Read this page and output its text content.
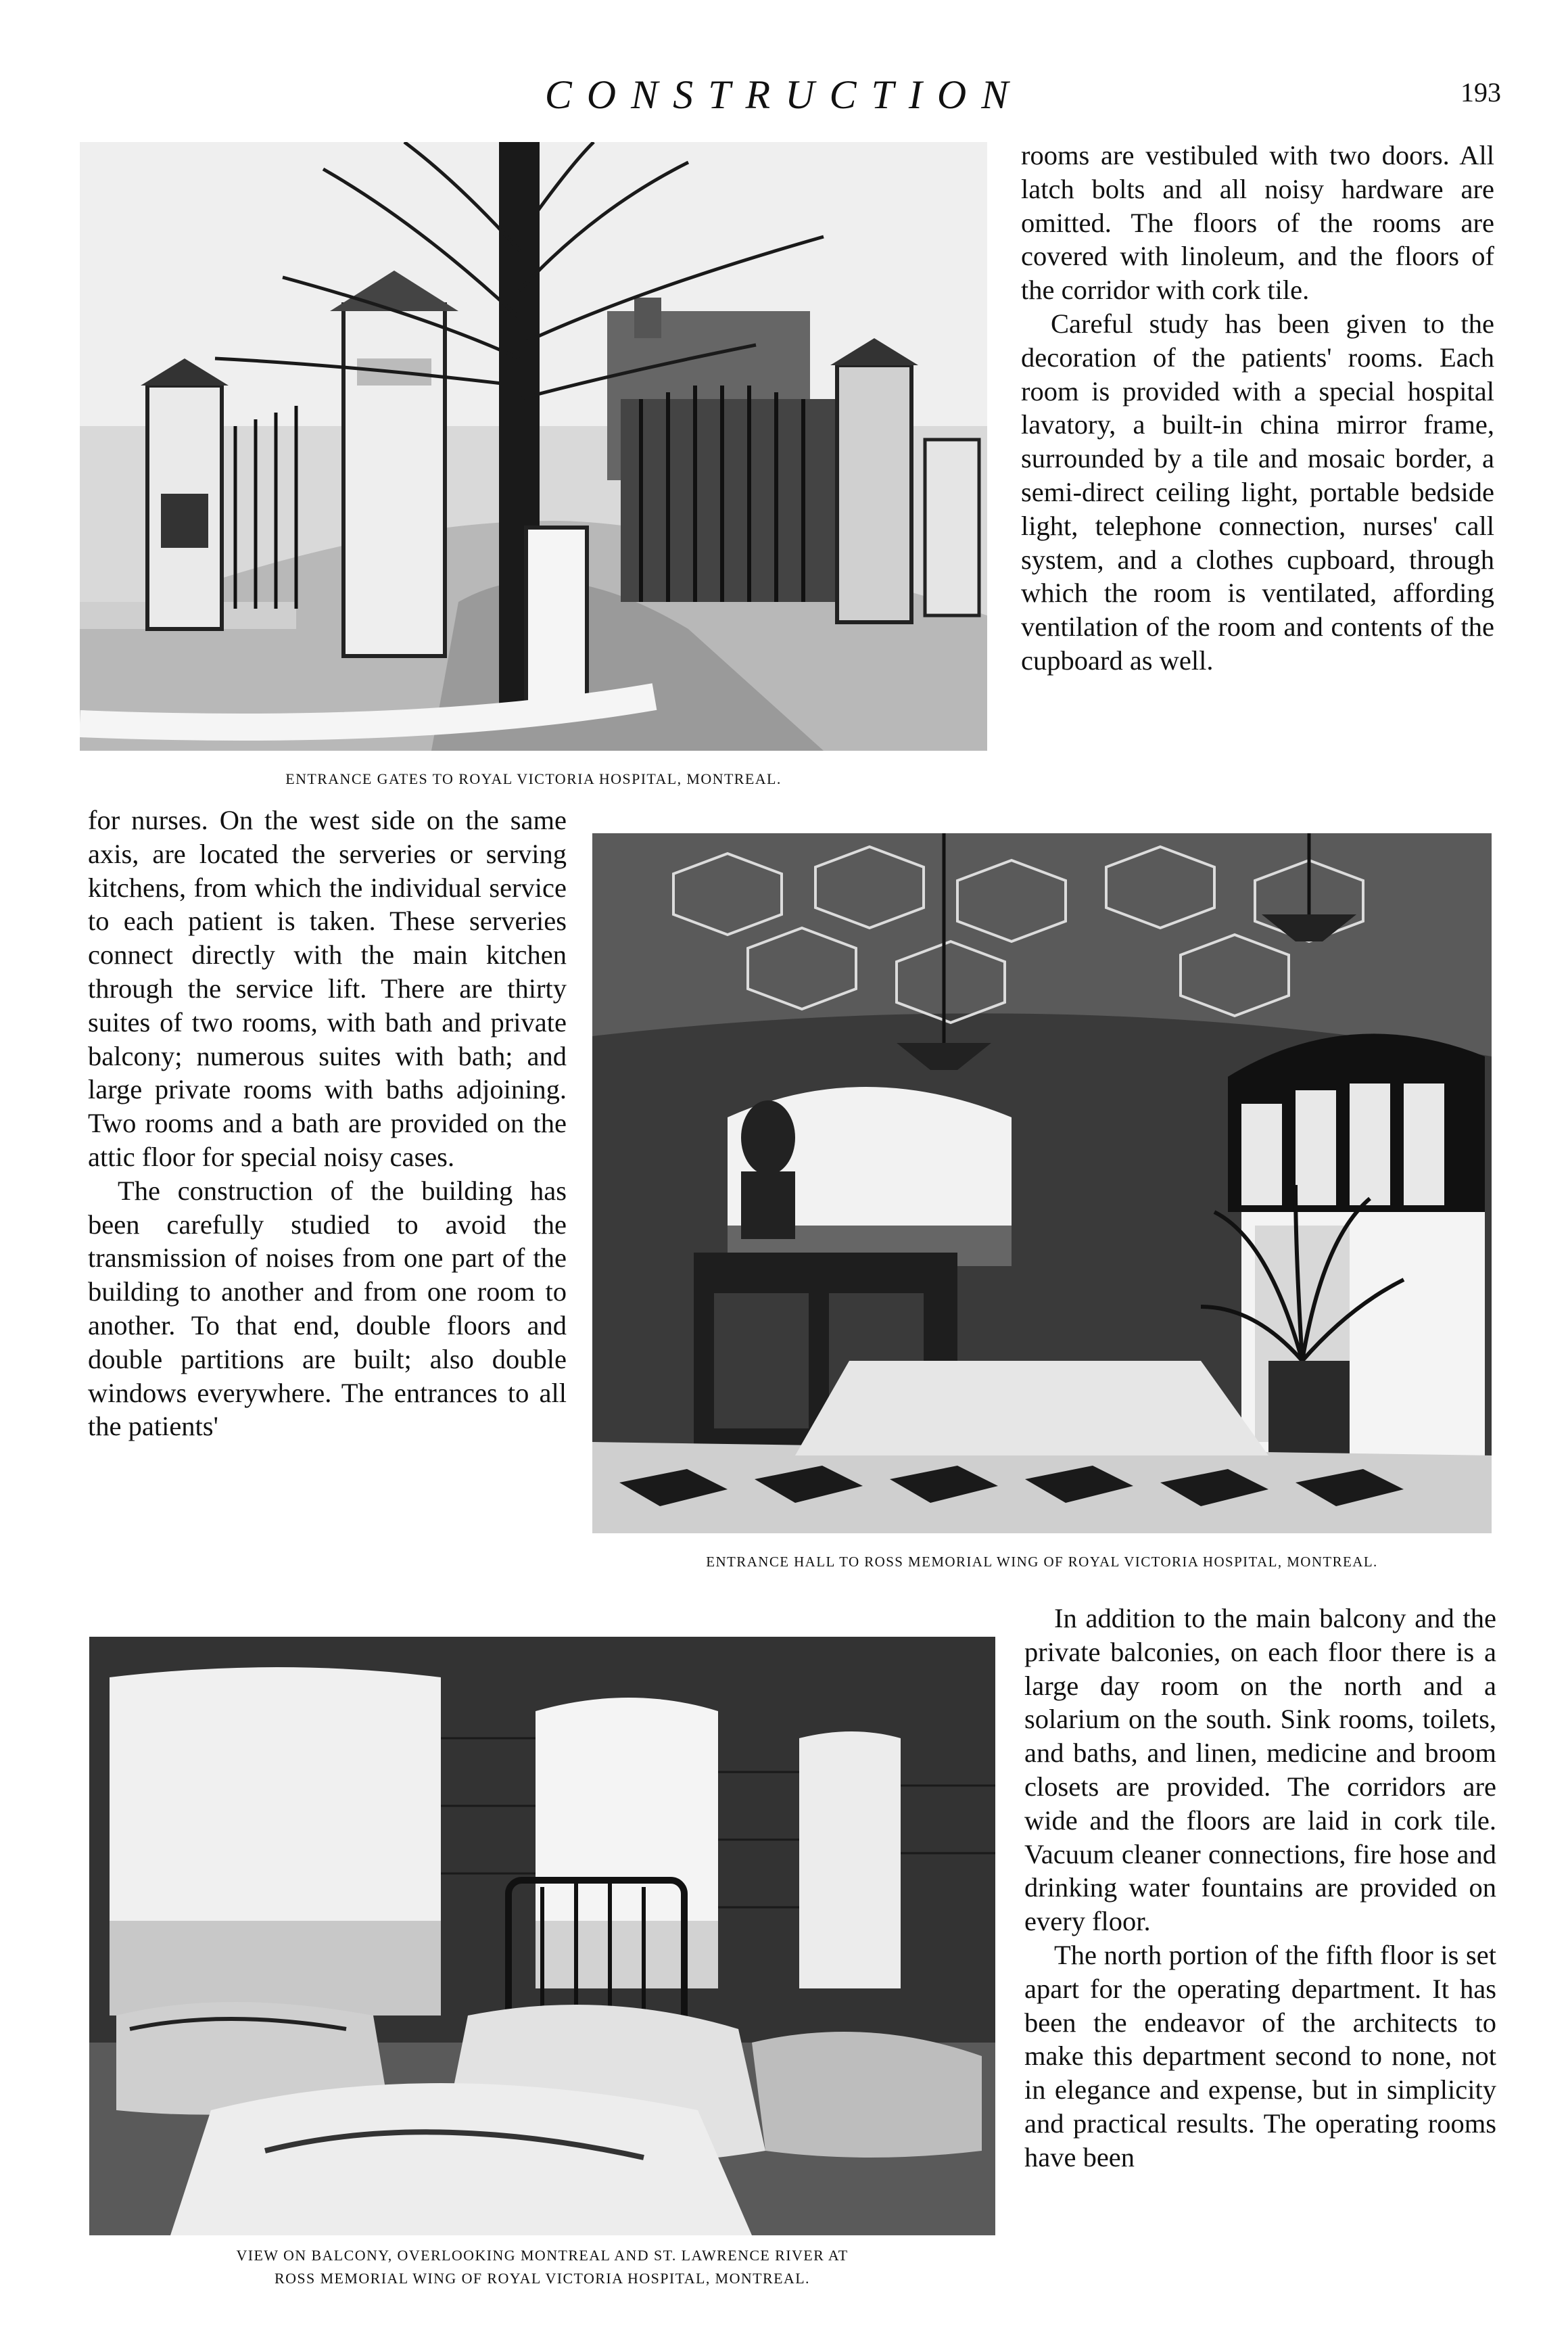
CONSTRUCTION	193
ENTRANCE GATES TO ROYAL VICTORIA HOSPITAL, MONTREAL.

rooms are vestibuled with two doors. All latch bolts and all noisy hardware are omitted. The floors of the rooms are covered with linoleum, and the floors of the corridor with cork tile.

Careful study has been given to the decoration of the patients' rooms. Each room is provided with a special hospital lavatory, a built-in china mirror frame, surrounded by a tile and mosaic border, a semi-direct ceiling light, portable bedside light, telephone connection, nurses' call system, and a clothes cupboard, through which the room is ventilated, affording ventilation of the room and contents of the cupboard as well.

for nurses. On the west side on the same axis, are located the serveries or serving kitchens, from which the individual service to each patient is taken. These serveries connect directly with the main kitchen through the service lift. There are thirty suites of two rooms, with bath and private balcony; numerous suites with bath; and large private rooms with baths adjoining. Two rooms and a bath are provided on the attic floor for special noisy cases.

The construction of the building has been carefully studied to avoid the transmission of noises from one part of the building to another and from one room to another. To that end, double floors and double partitions are built; also double windows everywhere. The entrances to all the patients'

ENTRANCE HALL TO ROSS MEMORIAL WING OF ROYAL VICTORIA HOSPITAL, MONTREAL.
VIEW ON BALCONY, OVERLOOKING MONTREAL AND ST. LAWRENCE RIVER AT
ROSS MEMORIAL WING OF ROYAL VICTORIA HOSPITAL, MONTREAL.

In addition to the main balcony and the private balconies, on each floor there is a large day room on the north and a solarium on the south. Sink rooms, toilets, and baths, and linen, medicine and broom closets are provided. The corridors are wide and the floors are laid in cork tile. Vacuum cleaner connections, fire hose and drinking water fountains are provided on every floor.

The north portion of the fifth floor is set apart for the operating department. It has been the endeavor of the architects to make this department second to none, not in elegance and expense, but in simplicity and practical results. The operating rooms have been
